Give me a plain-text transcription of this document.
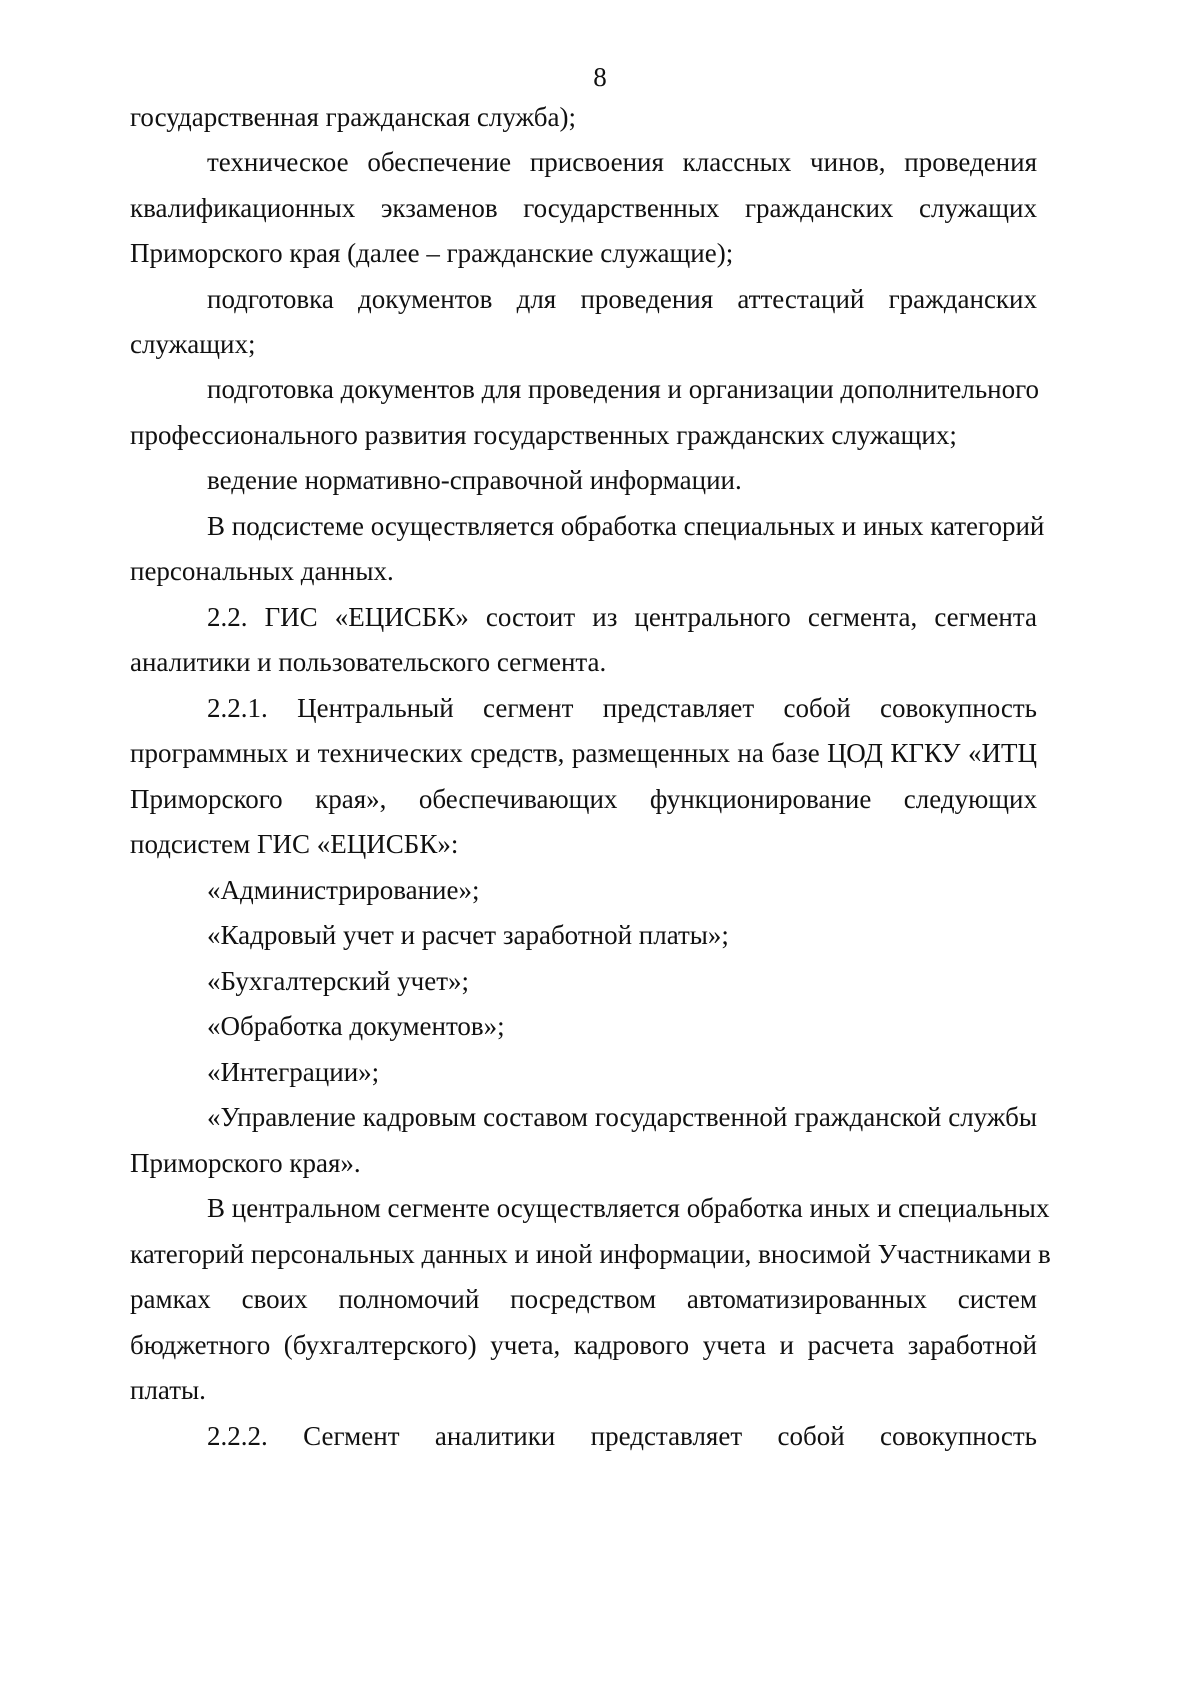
8
государственная гражданская служба);
техническое обеспечение присвоения классных чинов, проведения
квалификационных экзаменов государственных гражданских служащих
Приморского края (далее – гражданские служащие);
подготовка документов для проведения аттестаций гражданских
служащих;
подготовка документов для проведения и организации дополнительного
профессионального развития государственных гражданских служащих;
ведение нормативно-справочной информации.
В подсистеме осуществляется обработка специальных и иных категорий
персональных данных.
2.2. ГИС «ЕЦИСБК» состоит из центрального сегмента, сегмента
аналитики и пользовательского сегмента.
2.2.1. Центральный сегмент представляет собой совокупность
программных и технических средств, размещенных на базе ЦОД КГКУ «ИТЦ
Приморского края», обеспечивающих функционирование следующих
подсистем ГИС «ЕЦИСБК»:
«Администрирование»;
«Кадровый учет и расчет заработной платы»;
«Бухгалтерский учет»;
«Обработка документов»;
«Интеграции»;
«Управление кадровым составом государственной гражданской службы
Приморского края».
В центральном сегменте осуществляется обработка иных и специальных
категорий персональных данных и иной информации, вносимой Участниками в
рамках своих полномочий посредством автоматизированных систем
бюджетного (бухгалтерского) учета, кадрового учета и расчета заработной
платы.
2.2.2. Сегмент аналитики представляет собой совокупность
